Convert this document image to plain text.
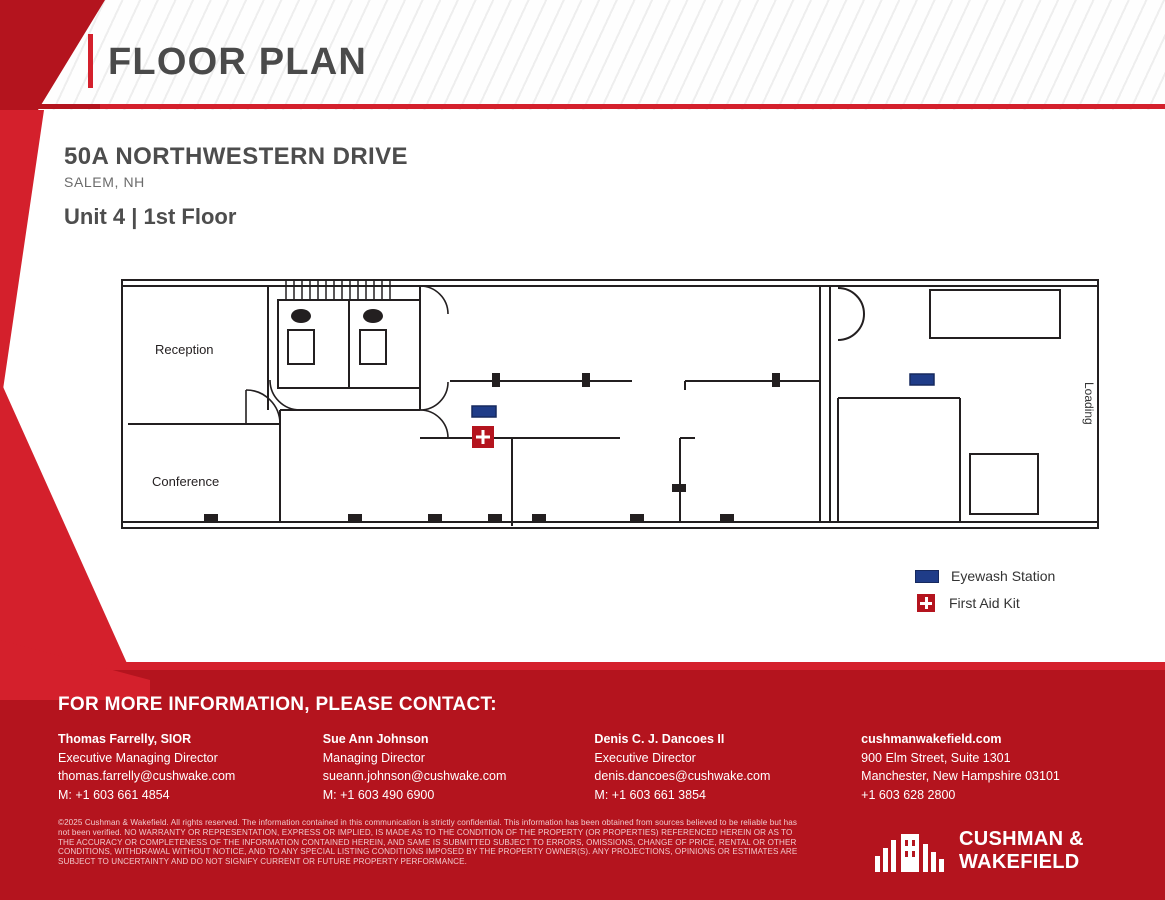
FLOOR PLAN
50A NORTHWESTERN DRIVE
SALEM, NH
Unit 4 | 1st Floor
Reception
Conference
Loading
Eyewash Station
First Aid Kit
FOR MORE INFORMATION, PLEASE CONTACT:
Thomas Farrelly, SIOR
Executive Managing Director
thomas.farrelly@cushwake.com
M: +1 603 661 4854
Sue Ann Johnson
Managing Director
sueann.johnson@cushwake.com
M: +1 603 490 6900
Denis C. J. Dancoes II
Executive Director
denis.dancoes@cushwake.com
M: +1 603 661 3854
cushmanwakefield.com
900 Elm Street, Suite 1301
Manchester, New Hampshire 03101
+1 603 628 2800
©2025 Cushman & Wakefield. All rights reserved. The information contained in this communication is strictly confidential. This information has been obtained from sources believed to be reliable but has not been verified. NO WARRANTY OR REPRESENTATION, EXPRESS OR IMPLIED, IS MADE AS TO THE CONDITION OF THE PROPERTY (OR PROPERTIES) REFERENCED HEREIN OR AS TO THE ACCURACY OR COMPLETENESS OF THE INFORMATION CONTAINED HEREIN, AND SAME IS SUBMITTED SUBJECT TO ERRORS, OMISSIONS, CHANGE OF PRICE, RENTAL OR OTHER CONDITIONS, WITHDRAWAL WITHOUT NOTICE, AND TO ANY SPECIAL LISTING CONDITIONS IMPOSED BY THE PROPERTY OWNER(S). ANY PROJECTIONS, OPINIONS OR ESTIMATES ARE SUBJECT TO UNCERTAINTY AND DO NOT SIGNIFY CURRENT OR FUTURE PROPERTY PERFORMANCE.
CUSHMAN &
WAKEFIELD
